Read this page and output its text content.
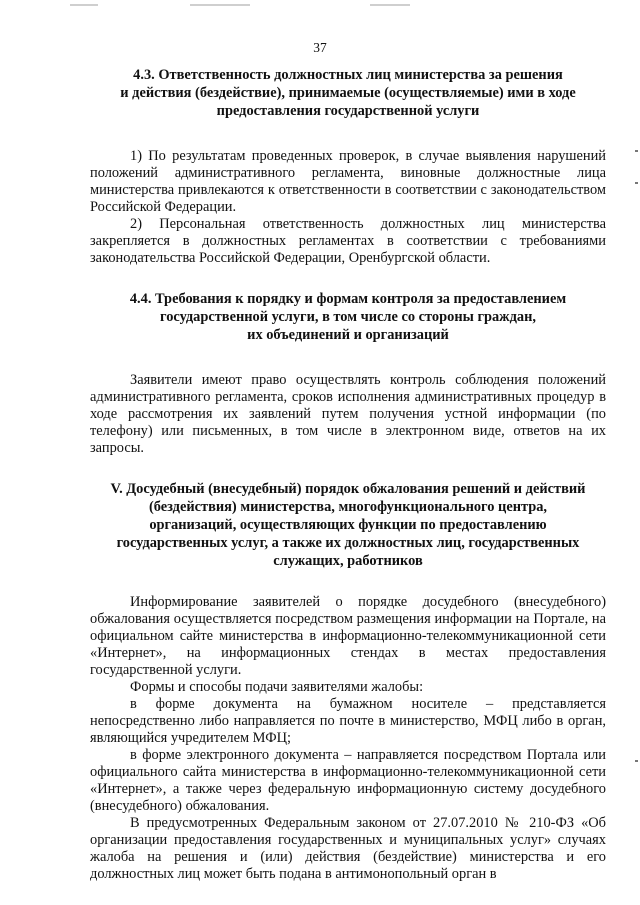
37
4.3. Ответственность должностных лиц министерства за решения
и действия (бездействие), принимаемые (осуществляемые) ими в ходе
предоставления государственной услуги

1) По результатам проведенных проверок, в случае выявления нарушений положений административного регламента, виновные должностные лица министерства привлекаются к ответственности в соответствии с законодательством Российской Федерации.

2) Персональная ответственность должностных лиц министерства закрепляется в должностных регламентах в соответствии с требованиями законодательства Российской Федерации, Оренбургской области.

4.4. Требования к порядку и формам контроля за предоставлением
государственной услуги, в том числе со стороны граждан,
их объединений и организаций

Заявители имеют право осуществлять контроль соблюдения положений административного регламента, сроков исполнения административных процедур в ходе рассмотрения их заявлений путем получения устной информации (по телефону) или письменных, в том числе в электронном виде, ответов на их запросы.

V. Досудебный (внесудебный) порядок обжалования решений и действий
(бездействия) министерства, многофункционального центра,
организаций, осуществляющих функции по предоставлению
государственных услуг, а также их должностных лиц, государственных
служащих, работников

Информирование заявителей о порядке досудебного (внесудебного) обжалования осуществляется посредством размещения информации на Портале, на официальном сайте министерства в информационно-телекоммуникационной сети «Интернет», на информационных стендах в местах предоставления государственной услуги.

Формы и способы подачи заявителями жалобы:

в форме документа на бумажном носителе – представляется непосредственно либо направляется по почте в министерство, МФЦ либо в орган, являющийся учредителем МФЦ;

в форме электронного документа – направляется посредством Портала или официального сайта министерства в информационно-телекоммуникационной сети «Интернет», а также через федеральную информационную систему досудебного (внесудебного) обжалования.

В предусмотренных Федеральным законом от 27.07.2010 № 210-ФЗ «Об организации предоставления государственных и муниципальных услуг» случаях жалоба на решения и (или) действия (бездействие) министерства и его должностных лиц может быть подана в антимонопольный орган в
